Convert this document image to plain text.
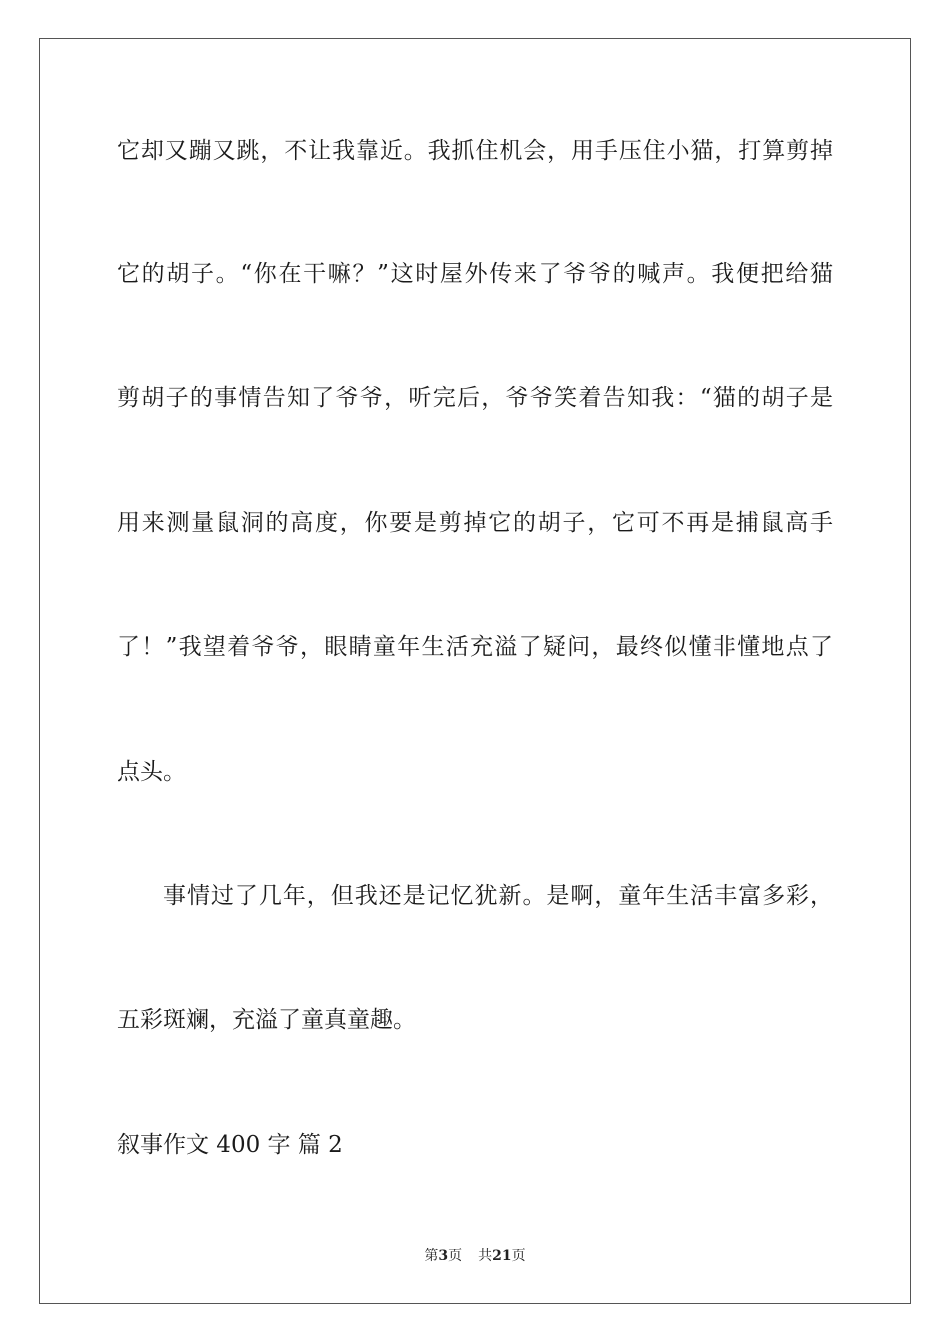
它却又蹦又跳，不让我靠近。我抓住机会，用手压住小猫，打算剪掉
它的胡子。“你在干嘛？”这时屋外传来了爷爷的喊声。我便把给猫
剪胡子的事情告知了爷爷，听完后，爷爷笑着告知我：“猫的胡子是
用来测量鼠洞的高度，你要是剪掉它的胡子，它可不再是捕鼠高手
了！”我望着爷爷，眼睛童年生活充溢了疑问，最终似懂非懂地点了
点头。
事情过了几年，但我还是记忆犹新。是啊，童年生活丰富多彩，
五彩斑斓，充溢了童真童趣。
叙事作文 400 字 篇 2
第3页 共21页
